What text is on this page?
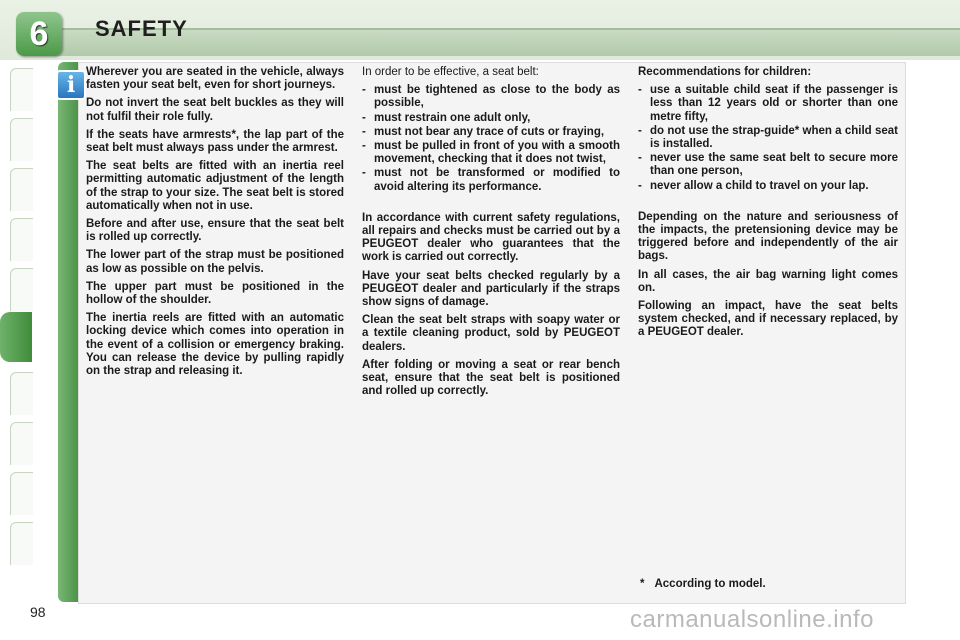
6	SAFETY
i Wherever you are seated in the vehicle, always fasten your seat belt, even for short journeys.

Do not invert the seat belt buckles as they will not fulfil their role fully.

If the seats have armrests*, the lap part of the seat belt must always pass under the armrest.

The seat belts are fitted with an inertia reel permitting automatic adjustment of the length of the strap to your size. The seat belt is stored automatically when not in use.

Before and after use, ensure that the seat belt is rolled up correctly.

The lower part of the strap must be positioned as low as possible on the pelvis.

The upper part must be positioned in the hollow of the shoulder.

The inertia reels are fitted with an automatic locking device which comes into operation in the event of a collision or emergency braking. You can release the device by pulling rapidly on the strap and releasing it.

In order to be effective, a seat belt:

- must be tightened as close to the body as possible,
- must restrain one adult only,
- must not bear any trace of cuts or fraying,
- must be pulled in front of you with a smooth movement, checking that it does not twist,
- must not be transformed or modified to avoid altering its performance.

In accordance with current safety regulations, all repairs and checks must be carried out by a PEUGEOT dealer who guarantees that the work is carried out correctly.

Have your seat belts checked regularly by a PEUGEOT dealer and particularly if the straps show signs of damage.

Clean the seat belt straps with soapy water or a textile cleaning product, sold by PEUGEOT dealers.

After folding or moving a seat or rear bench seat, ensure that the seat belt is positioned and rolled up correctly.

Recommendations for children:

- use a suitable child seat if the passenger is less than 12 years old or shorter than one metre fifty,
- do not use the strap-guide* when a child seat is installed.
- never use the same seat belt to secure more than one person,
- never allow a child to travel on your lap.

Depending on the nature and seriousness of the impacts, the pretensioning device may be triggered before and independently of the air bags.

In all cases, the air bag warning light comes on.

Following an impact, have the seat belts system checked, and if necessary replaced, by a PEUGEOT dealer.

* According to model.
98	carmanualsonline.info
